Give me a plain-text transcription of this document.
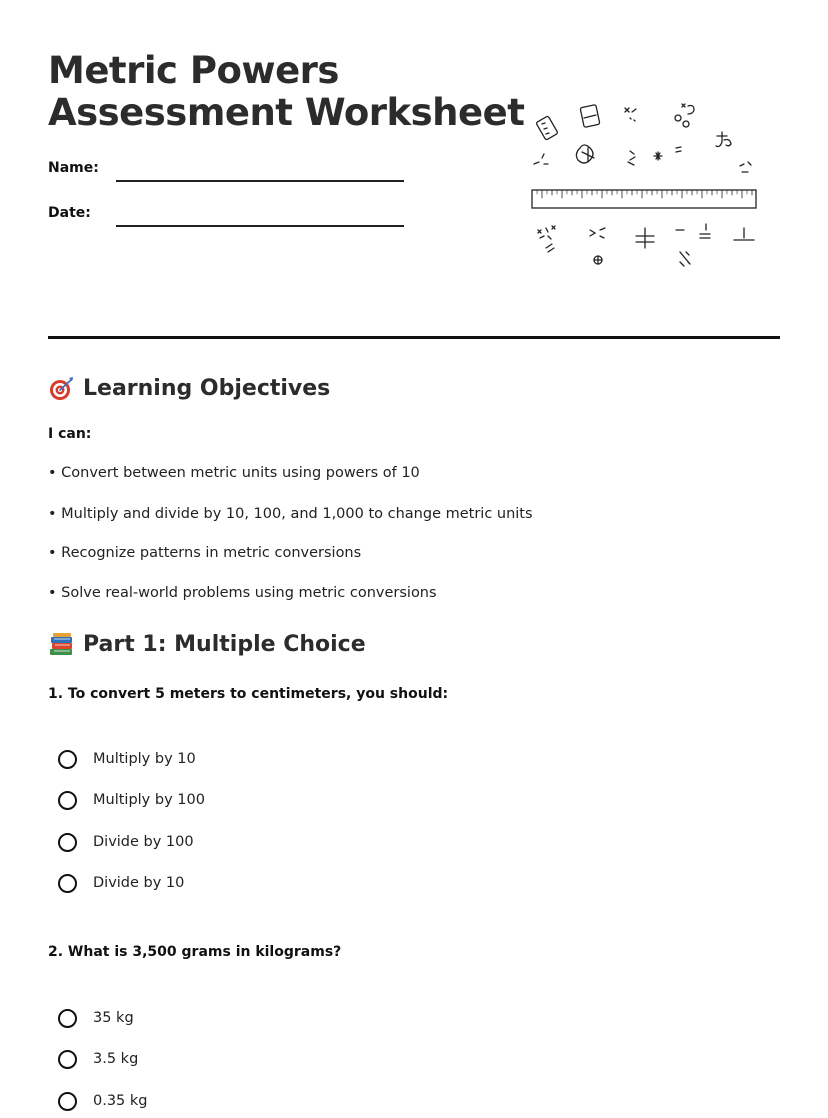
Metric Powers
Assessment Worksheet
Name:
Date:
Learning Objectives
I can:
• Convert between metric units using powers of 10
• Multiply and divide by 10, 100, and 1,000 to change metric units
• Recognize patterns in metric conversions
• Solve real-world problems using metric conversions
Part 1: Multiple Choice
1. To convert 5 meters to centimeters, you should:
Multiply by 10
Multiply by 100
Divide by 100
Divide by 10
2. What is 3,500 grams in kilograms?
35 kg
3.5 kg
0.35 kg
